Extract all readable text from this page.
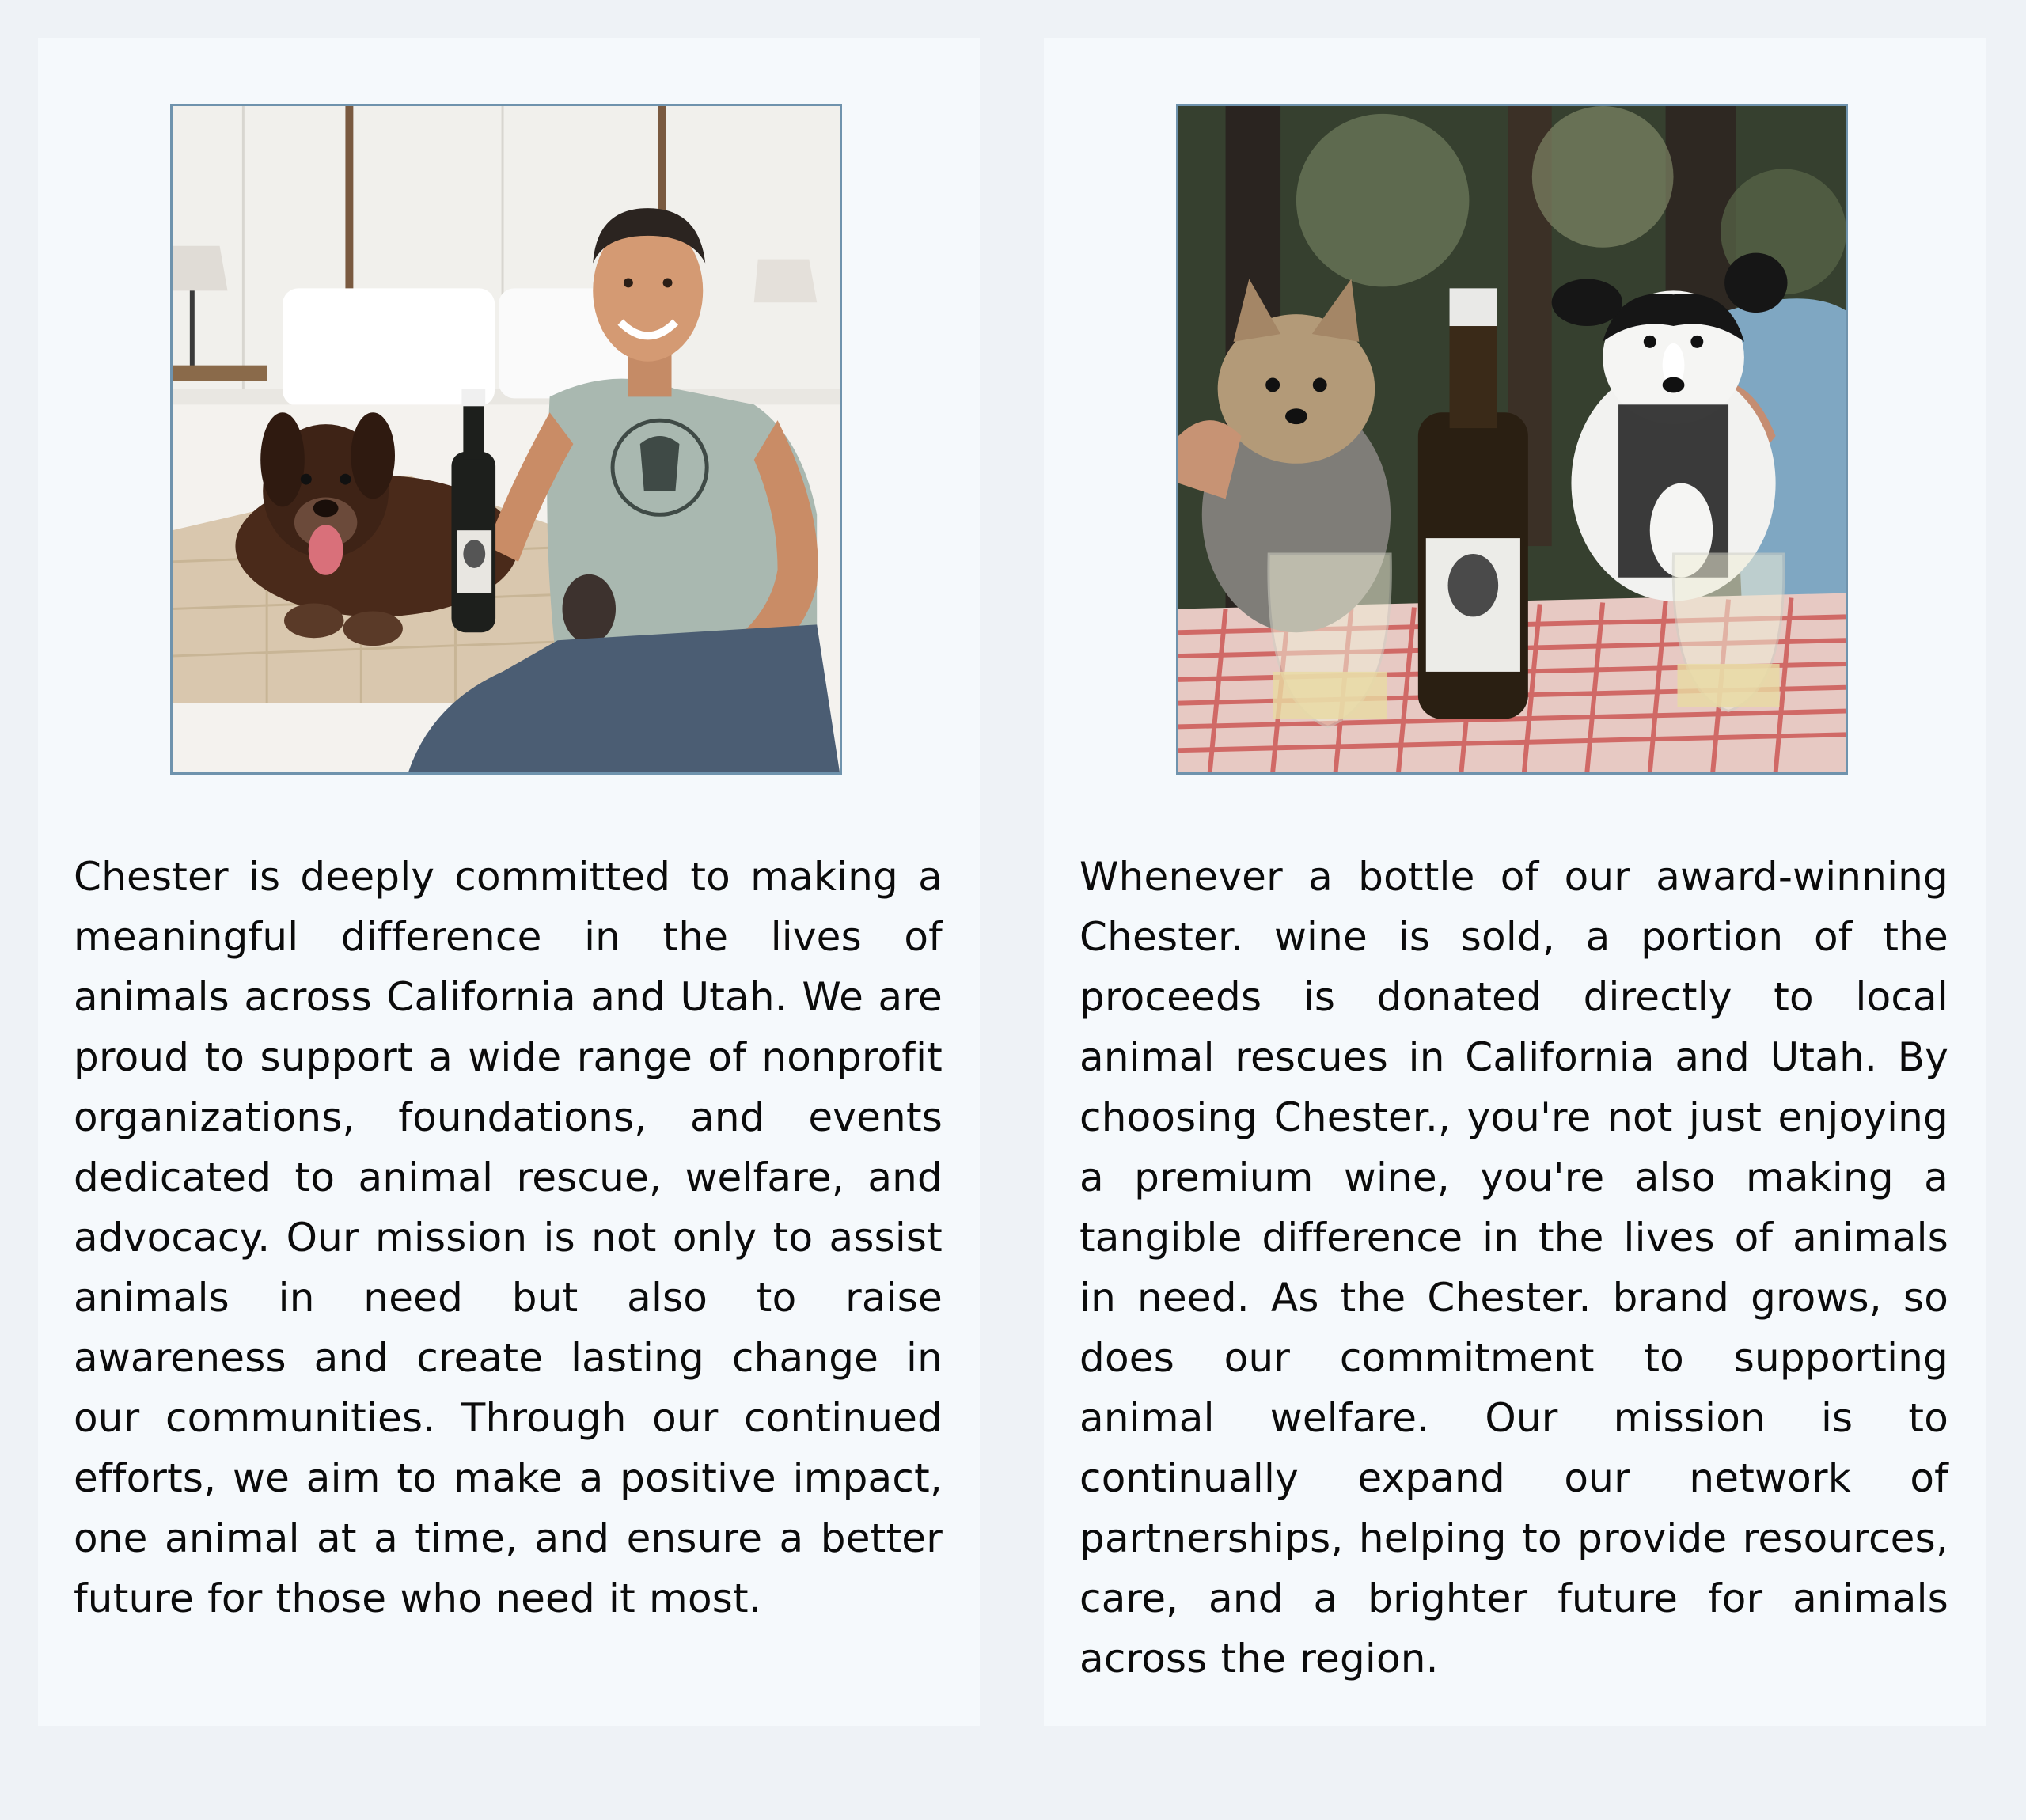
Chester is deeply committed to making a meaningful difference in the lives of animals across California and Utah. We are proud to support a wide range of nonprofit organizations, foundations, and events dedicated to animal rescue, welfare, and advocacy. Our mission is not only to assist animals in need but also to raise awareness and create lasting change in our communities. Through our continued efforts, we aim to make a positive impact, one animal at a time, and ensure a better future for those who need it most.

Whenever a bottle of our award-winning Chester. wine is sold, a portion of the proceeds is donated directly to local animal rescues in California and Utah. By choosing Chester., you're not just enjoying a premium wine, you're also making a tangible difference in the lives of animals in need. As the Chester. brand grows, so does our commitment to supporting animal welfare. Our mission is to continually expand our network of partnerships, helping to provide resources, care, and a brighter future for animals across the region.
